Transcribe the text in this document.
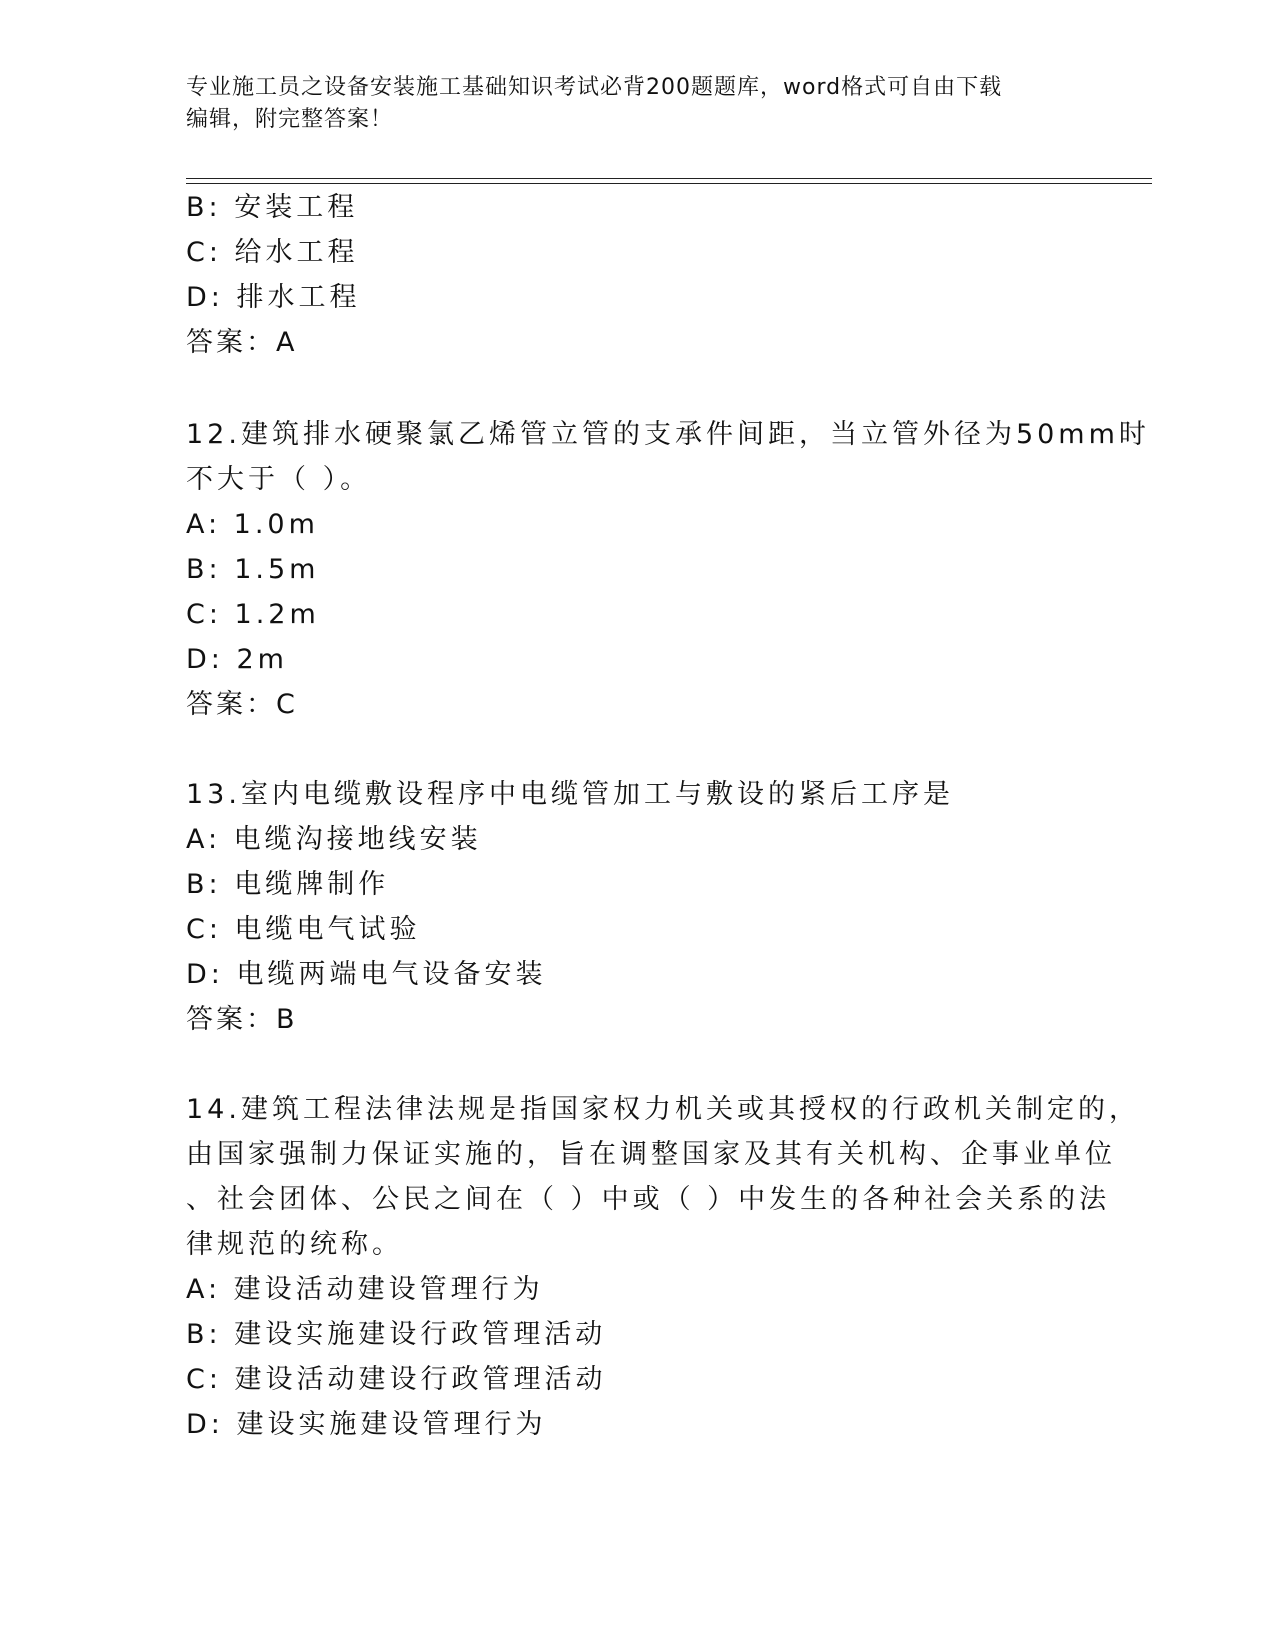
专业施工员之设备安装施工基础知识考试必背200题题库，word格式可自由下载
编辑，附完整答案！
B: 安装工程
C: 给水工程
D: 排水工程
答案：A
12.建筑排水硬聚氯乙烯管立管的支承件间距，当立管外径为50mm时
不大于（ ）。
A: 1.0m
B: 1.5m
C: 1.2m
D: 2m
答案：C
13.室内电缆敷设程序中电缆管加工与敷设的紧后工序是
A: 电缆沟接地线安装
B: 电缆牌制作
C: 电缆电气试验
D: 电缆两端电气设备安装
答案：B
14.建筑工程法律法规是指国家权力机关或其授权的行政机关制定的，
由国家强制力保证实施的，旨在调整国家及其有关机构、企事业单位
、社会团体、公民之间在（ ）中或（ ）中发生的各种社会关系的法
律规范的统称。
A: 建设活动建设管理行为
B: 建设实施建设行政管理活动
C: 建设活动建设行政管理活动
D: 建设实施建设管理行为
